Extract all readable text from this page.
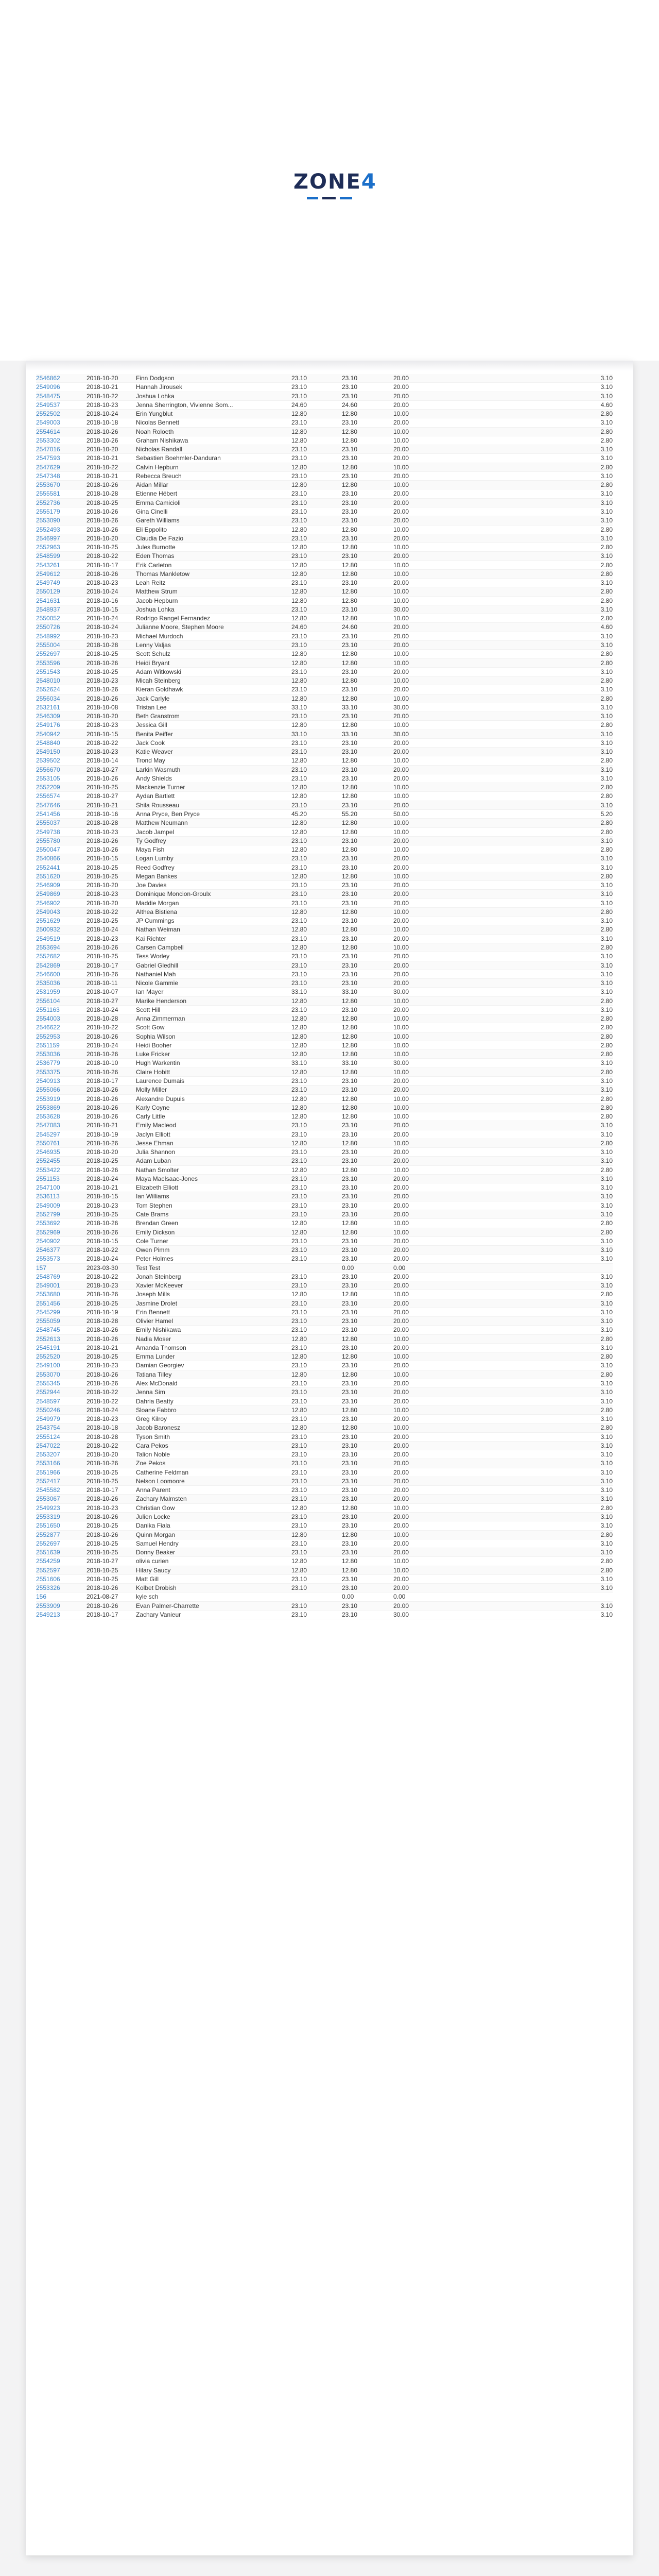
ZONE4
2546862	2018-10-20	Finn Dodgson	23.10	23.10	20.00	3.10
2549096	2018-10-21	Hannah Jirousek	23.10	23.10	20.00	3.10
2548475	2018-10-22	Joshua Lohka	23.10	23.10	20.00	3.10
2549537	2018-10-23	Jenna Sherrington, Vivienne Som...	24.60	24.60	20.00	4.60
2552502	2018-10-24	Erin Yungblut	12.80	12.80	10.00	2.80
2549003	2018-10-18	Nicolas Bennett	23.10	23.10	20.00	3.10
2554614	2018-10-26	Noah Roloeth	12.80	12.80	10.00	2.80
2553302	2018-10-26	Graham Nishikawa	12.80	12.80	10.00	2.80
2547016	2018-10-20	Nicholas Randall	23.10	23.10	20.00	3.10
2547593	2018-10-21	Sebastien Boehmler-Danduran	23.10	23.10	20.00	3.10
2547629	2018-10-22	Calvin Hepburn	12.80	12.80	10.00	2.80
2547348	2018-10-21	Rebecca Breuch	23.10	23.10	20.00	3.10
2553670	2018-10-26	Aidan Millar	12.80	12.80	10.00	2.80
2555581	2018-10-28	Etienne Hébert	23.10	23.10	20.00	3.10
2552736	2018-10-25	Emma Camicioli	23.10	23.10	20.00	3.10
2555179	2018-10-26	Gina Cinelli	23.10	23.10	20.00	3.10
2553090	2018-10-26	Gareth Williams	23.10	23.10	20.00	3.10
2552493	2018-10-26	Eli Eppolito	12.80	12.80	10.00	2.80
2546997	2018-10-20	Claudia De Fazio	23.10	23.10	20.00	3.10
2552963	2018-10-25	Jules Burnotte	12.80	12.80	10.00	2.80
2548599	2018-10-22	Eden Thomas	23.10	23.10	20.00	3.10
2543261	2018-10-17	Erik Carleton	12.80	12.80	10.00	2.80
2549612	2018-10-26	Thomas Mankletow	12.80	12.80	10.00	2.80
2549749	2018-10-23	Leah Reitz	23.10	23.10	20.00	3.10
2550129	2018-10-24	Matthew Strum	12.80	12.80	10.00	2.80
2541631	2018-10-16	Jacob Hepburn	12.80	12.80	10.00	2.80
2548937	2018-10-15	Joshua Lohka	23.10	23.10	30.00	3.10
2550052	2018-10-24	Rodrigo Rangel Fernandez	12.80	12.80	10.00	2.80
2550726	2018-10-24	Julianne Moore, Stephen Moore	24.60	24.60	20.00	4.60
2548992	2018-10-23	Michael Murdoch	23.10	23.10	20.00	3.10
2555004	2018-10-28	Lenny Valjas	23.10	23.10	20.00	3.10
2552697	2018-10-25	Scott Schulz	12.80	12.80	10.00	2.80
2553596	2018-10-26	Heidi Bryant	12.80	12.80	10.00	2.80
2551543	2018-10-25	Adam Witkowski	23.10	23.10	20.00	3.10
2548010	2018-10-23	Micah Steinberg	12.80	12.80	10.00	2.80
2552624	2018-10-26	Kieran Goldhawk	23.10	23.10	20.00	3.10
2556034	2018-10-26	Jack Carlyle	12.80	12.80	10.00	2.80
2532161	2018-10-08	Tristan Lee	33.10	33.10	30.00	3.10
2546309	2018-10-20	Beth Granstrom	23.10	23.10	20.00	3.10
2549176	2018-10-23	Jessica Gill	12.80	12.80	10.00	2.80
2540942	2018-10-15	Benita Peiffer	33.10	33.10	30.00	3.10
2548840	2018-10-22	Jack Cook	23.10	23.10	20.00	3.10
2549150	2018-10-23	Katie Weaver	23.10	23.10	20.00	3.10
2539502	2018-10-14	Trond May	12.80	12.80	10.00	2.80
2556670	2018-10-27	Larkin Wasmuth	23.10	23.10	20.00	3.10
2553105	2018-10-26	Andy Shields	23.10	23.10	20.00	3.10
2552209	2018-10-25	Mackenzie Turner	12.80	12.80	10.00	2.80
2556574	2018-10-27	Aydan Bartlett	12.80	12.80	10.00	2.80
2547646	2018-10-21	Shila Rousseau	23.10	23.10	20.00	3.10
2541456	2018-10-16	Anna Pryce, Ben Pryce	45.20	55.20	50.00	5.20
2555037	2018-10-28	Matthew Neumann	12.80	12.80	10.00	2.80
2549738	2018-10-23	Jacob Jampel	12.80	12.80	10.00	2.80
2555780	2018-10-26	Ty Godfrey	23.10	23.10	20.00	3.10
2550047	2018-10-26	Maya Fish	12.80	12.80	10.00	2.80
2540866	2018-10-15	Logan Lumby	23.10	23.10	20.00	3.10
2552441	2018-10-25	Reed Godfrey	23.10	23.10	20.00	3.10
2551620	2018-10-25	Megan Bankes	12.80	12.80	10.00	2.80
2546909	2018-10-20	Joe Davies	23.10	23.10	20.00	3.10
2549869	2018-10-23	Dominique Moncion-Groulx	23.10	23.10	20.00	3.10
2546902	2018-10-20	Maddie Morgan	23.10	23.10	20.00	3.10
2549043	2018-10-22	Althea Bistiena	12.80	12.80	10.00	2.80
2551629	2018-10-25	JP Cummings	23.10	23.10	20.00	3.10
2500932	2018-10-24	Nathan Weiman	12.80	12.80	10.00	2.80
2549519	2018-10-23	Kai Richter	23.10	23.10	20.00	3.10
2553694	2018-10-26	Carsen Campbell	12.80	12.80	10.00	2.80
2552682	2018-10-25	Tess Worley	23.10	23.10	20.00	3.10
2542869	2018-10-17	Gabriel Gledhill	23.10	23.10	20.00	3.10
2546600	2018-10-26	Nathaniel Mah	23.10	23.10	20.00	3.10
2535036	2018-10-11	Nicole Gammie	23.10	23.10	20.00	3.10
2531959	2018-10-07	Ian Mayer	33.10	33.10	30.00	3.10
2556104	2018-10-27	Marike Henderson	12.80	12.80	10.00	2.80
2551163	2018-10-24	Scott Hill	23.10	23.10	20.00	3.10
2554003	2018-10-28	Anna Zimmerman	12.80	12.80	10.00	2.80
2546622	2018-10-22	Scott Gow	12.80	12.80	10.00	2.80
2552953	2018-10-26	Sophia Wilson	12.80	12.80	10.00	2.80
2551159	2018-10-24	Heidi Booher	12.80	12.80	10.00	2.80
2553036	2018-10-26	Luke Fricker	12.80	12.80	10.00	2.80
2536779	2018-10-10	Hugh Warkentin	33.10	33.10	30.00	3.10
2553375	2018-10-26	Claire Hobitt	12.80	12.80	10.00	2.80
2540913	2018-10-17	Laurence Dumais	23.10	23.10	20.00	3.10
2555066	2018-10-26	Molly Miller	23.10	23.10	20.00	3.10
2553919	2018-10-26	Alexandre Dupuis	12.80	12.80	10.00	2.80
2553869	2018-10-26	Karly Coyne	12.80	12.80	10.00	2.80
2553628	2018-10-26	Carly Little	12.80	12.80	10.00	2.80
2547083	2018-10-21	Emily Macleod	23.10	23.10	20.00	3.10
2545297	2018-10-19	Jaclyn Elliott	23.10	23.10	20.00	3.10
2550761	2018-10-26	Jesse Ehman	12.80	12.80	10.00	2.80
2546935	2018-10-20	Julia Shannon	23.10	23.10	20.00	3.10
2552455	2018-10-25	Adam Luban	23.10	23.10	20.00	3.10
2553422	2018-10-26	Nathan Smolter	12.80	12.80	10.00	2.80
2551153	2018-10-24	Maya MacIsaac-Jones	23.10	23.10	20.00	3.10
2547100	2018-10-21	Elizabeth Elliott	23.10	23.10	20.00	3.10
2536113	2018-10-15	Ian Williams	23.10	23.10	20.00	3.10
2549009	2018-10-23	Tom Stephen	23.10	23.10	20.00	3.10
2552799	2018-10-25	Cate Brams	23.10	23.10	20.00	3.10
2553692	2018-10-26	Brendan Green	12.80	12.80	10.00	2.80
2552969	2018-10-26	Emily Dickson	12.80	12.80	10.00	2.80
2540902	2018-10-15	Cole Turner	23.10	23.10	20.00	3.10
2546377	2018-10-22	Owen Pimm	23.10	23.10	20.00	3.10
2553573	2018-10-24	Peter Holmes	23.10	23.10	20.00	3.10
157	2023-03-30	Test Test	0.00	0.00
2548769	2018-10-22	Jonah Steinberg	23.10	23.10	20.00	3.10
2549001	2018-10-23	Xavier McKeever	23.10	23.10	20.00	3.10
2553680	2018-10-26	Joseph Mills	12.80	12.80	10.00	2.80
2551456	2018-10-25	Jasmine Drolet	23.10	23.10	20.00	3.10
2545299	2018-10-19	Erin Bennett	23.10	23.10	20.00	3.10
2555059	2018-10-28	Olivier Hamel	23.10	23.10	20.00	3.10
2548745	2018-10-26	Emily Nishikawa	23.10	23.10	20.00	3.10
2552613	2018-10-26	Nadia Moser	12.80	12.80	10.00	2.80
2545191	2018-10-21	Amanda Thomson	23.10	23.10	20.00	3.10
2552520	2018-10-25	Emma Lunder	12.80	12.80	10.00	2.80
2549100	2018-10-23	Damian Georgiev	23.10	23.10	20.00	3.10
2553070	2018-10-26	Tatiana Tilley	12.80	12.80	10.00	2.80
2555345	2018-10-26	Alex McDonald	23.10	23.10	20.00	3.10
2552944	2018-10-22	Jenna Sim	23.10	23.10	20.00	3.10
2548597	2018-10-22	Dahria Beatty	23.10	23.10	20.00	3.10
2550246	2018-10-24	Sloane Fabbro	12.80	12.80	10.00	2.80
2549979	2018-10-23	Greg Kilroy	23.10	23.10	20.00	3.10
2543754	2018-10-18	Jacob Baronesz	12.80	12.80	10.00	2.80
2555124	2018-10-28	Tyson Smith	23.10	23.10	20.00	3.10
2547022	2018-10-22	Cara Pekos	23.10	23.10	20.00	3.10
2553207	2018-10-20	Talion Noble	23.10	23.10	20.00	3.10
2553166	2018-10-26	Zoe Pekos	23.10	23.10	20.00	3.10
2551966	2018-10-25	Catherine Feldman	23.10	23.10	20.00	3.10
2552417	2018-10-25	Nelson Loomoore	23.10	23.10	20.00	3.10
2545582	2018-10-17	Anna Parent	23.10	23.10	20.00	3.10
2553067	2018-10-26	Zachary Malmsten	23.10	23.10	20.00	3.10
2549923	2018-10-23	Christian Gow	12.80	12.80	10.00	2.80
2553319	2018-10-26	Julien Locke	23.10	23.10	20.00	3.10
2551650	2018-10-25	Danika Fiala	23.10	23.10	20.00	3.10
2552877	2018-10-26	Quinn Morgan	12.80	12.80	10.00	2.80
2552697	2018-10-25	Samuel Hendry	23.10	23.10	20.00	3.10
2551639	2018-10-25	Donny Beaker	23.10	23.10	20.00	3.10
2554259	2018-10-27	olivia curien	12.80	12.80	10.00	2.80
2552597	2018-10-25	Hilary Saucy	12.80	12.80	10.00	2.80
2551606	2018-10-25	Matt Gill	23.10	23.10	20.00	3.10
2553326	2018-10-26	Kolbet Drobish	23.10	23.10	20.00	3.10
156	2021-08-27	kyle sch	0.00	0.00
2553909	2018-10-26	Evan Palmer-Charrette	23.10	23.10	20.00	3.10
2549213	2018-10-17	Zachary Vanieur	23.10	23.10	30.00	3.10
